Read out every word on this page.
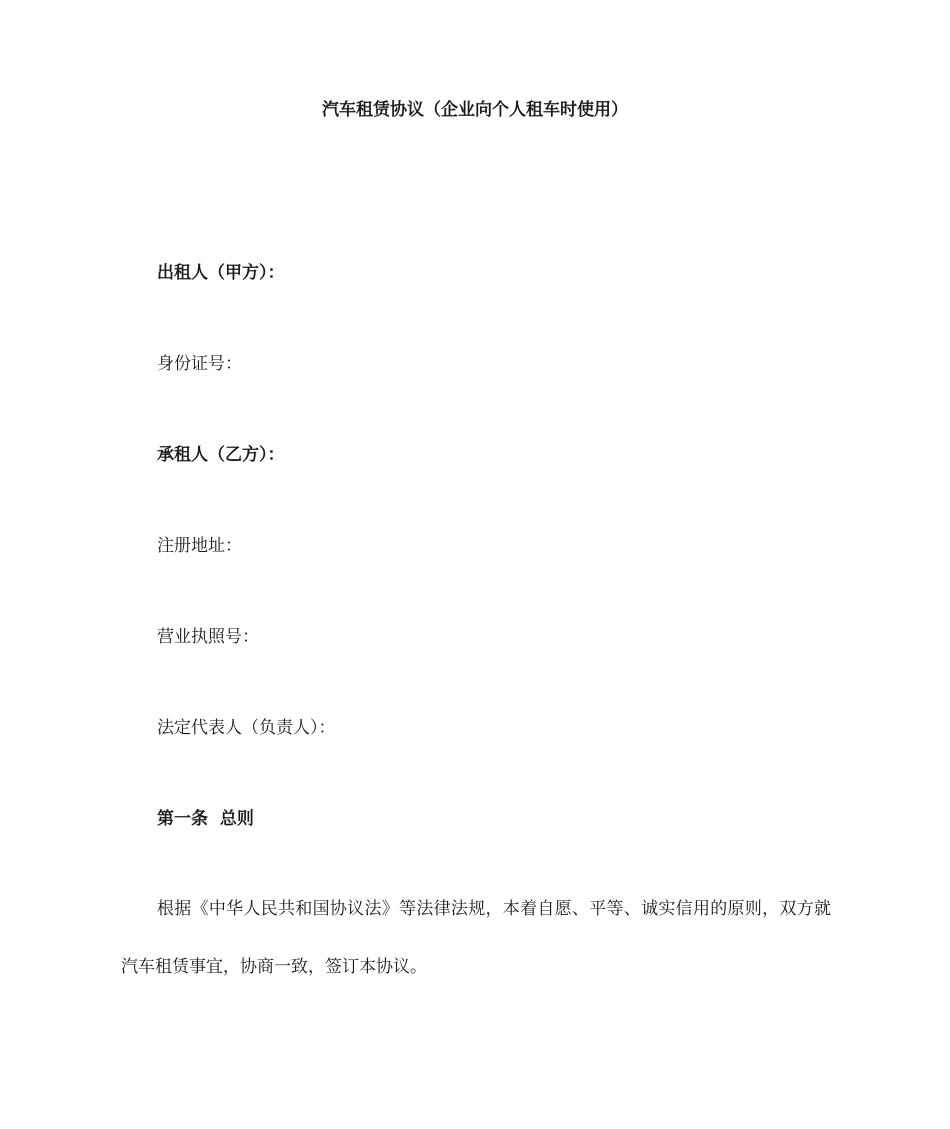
汽车租赁协议（企业向个人租车时使用）
出租人（甲方）：
身份证号：
承租人（乙方）：
注册地址：
营业执照号：
法定代表人（负责人）：
第一条  总则
根据《中华人民共和国协议法》等法律法规，本着自愿、平等、诚实信用的原则，双方就汽车租赁事宜，协商一致，签订本协议。
